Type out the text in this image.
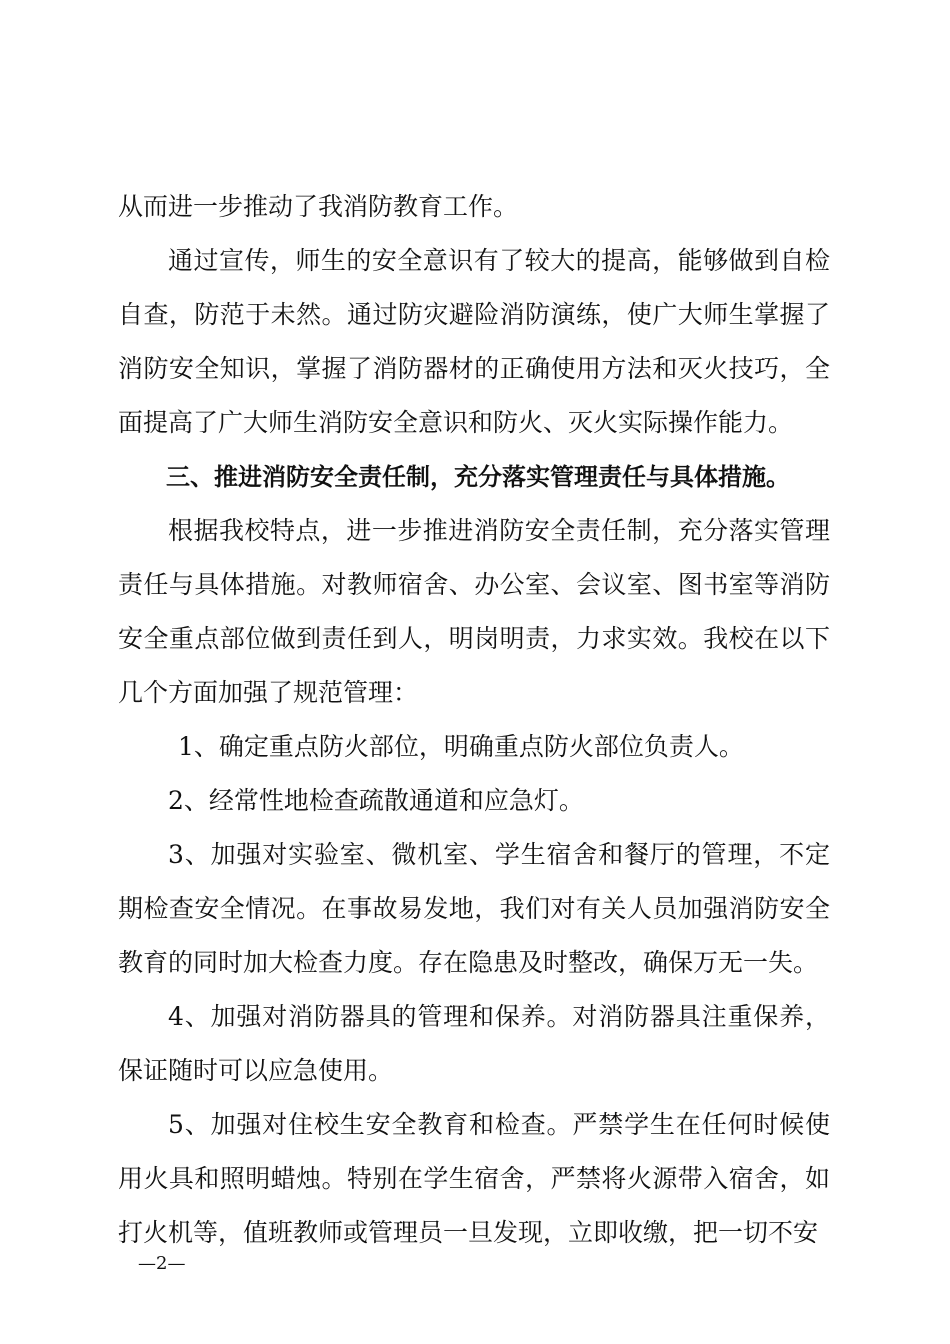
从而进一步推动了我消防教育工作。

通过宣传，师生的安全意识有了较大的提高，能够做到自检自查，防范于未然。通过防灾避险消防演练，使广大师生掌握了消防安全知识，掌握了消防器材的正确使用方法和灭火技巧，全面提高了广大师生消防安全意识和防火、灭火实际操作能力。

三、推进消防安全责任制，充分落实管理责任与具体措施。

根据我校特点，进一步推进消防安全责任制，充分落实管理责任与具体措施。对教师宿舍、办公室、会议室、图书室等消防安全重点部位做到责任到人，明岗明责，力求实效。我校在以下几个方面加强了规范管理：

1、确定重点防火部位，明确重点防火部位负责人。

2、经常性地检查疏散通道和应急灯。

3、加强对实验室、微机室、学生宿舍和餐厅的管理，不定期检查安全情况。在事故易发地，我们对有关人员加强消防安全教育的同时加大检查力度。存在隐患及时整改，确保万无一失。

4、加强对消防器具的管理和保养。对消防器具注重保养，保证随时可以应急使用。

5、加强对住校生安全教育和检查。严禁学生在任何时候使用火具和照明蜡烛。特别在学生宿舍，严禁将火源带入宿舍，如打火机等，值班教师或管理员一旦发现，立即收缴，把一切不安

—2—
